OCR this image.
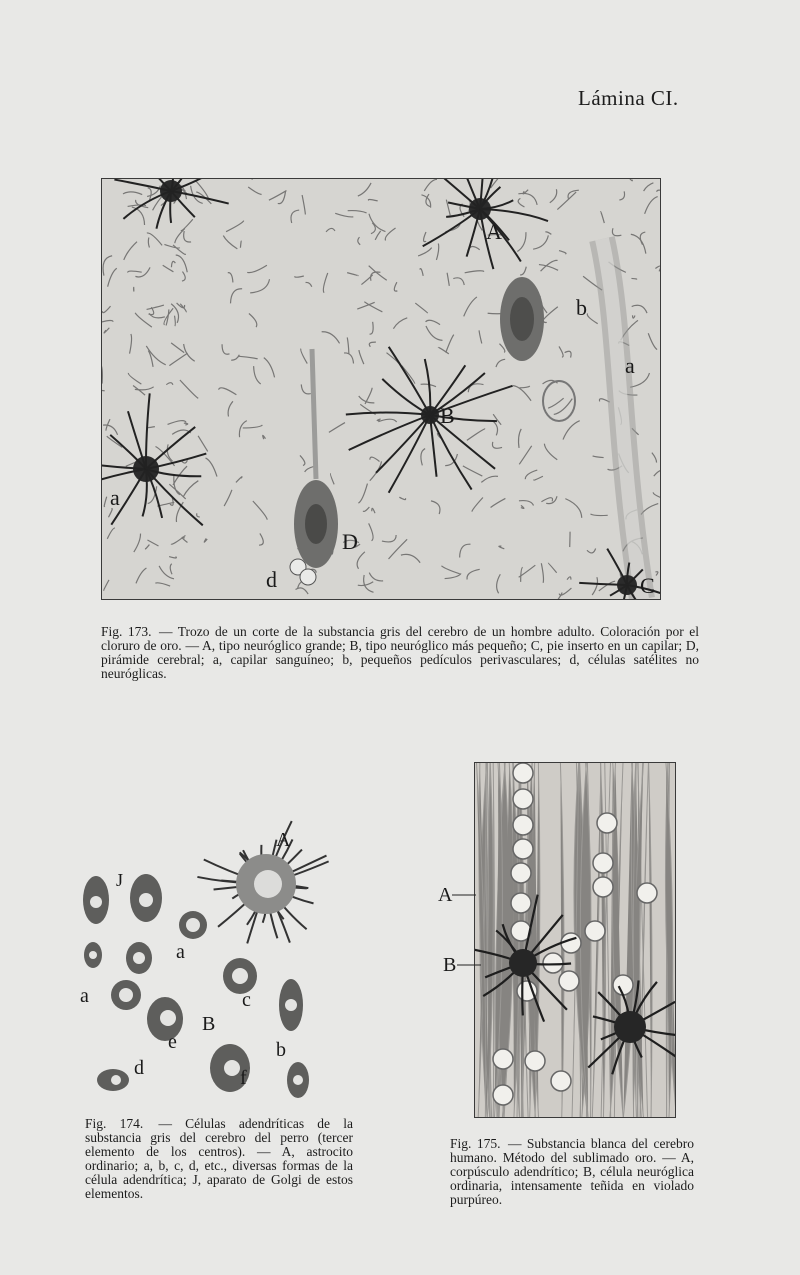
Lámina CI.
A
B
C
D
a
a
b
d
Fig. 173. — Trozo de un corte de la substancia gris del cerebro de un hombre adulto. Coloración por el cloruro de oro. — A, tipo neuróglico grande; B, tipo neuróglico más pequeño; C, pie inserto en un capilar; D, pirámide cerebral; a, capilar sanguíneo; b, pequeños pedículos perivasculares; d, células satélites no neuróglicas.
A
J
a
a
B
c
b
e
d	f
Fig. 174. — Células adendríticas de la substancia gris del cerebro del perro (tercer elemento de los centros). — A, astrocito ordinario; a, b, c, d, etc., diversas formas de la célula adendrítica; J, aparato de Golgi de estos elementos.
A
B
Fig. 175. — Substancia blanca del cerebro humano. Método del sublimado oro. — A, corpúsculo adendrítico; B, célula neuróglica ordinaria, intensamente teñida en violado purpúreo.
